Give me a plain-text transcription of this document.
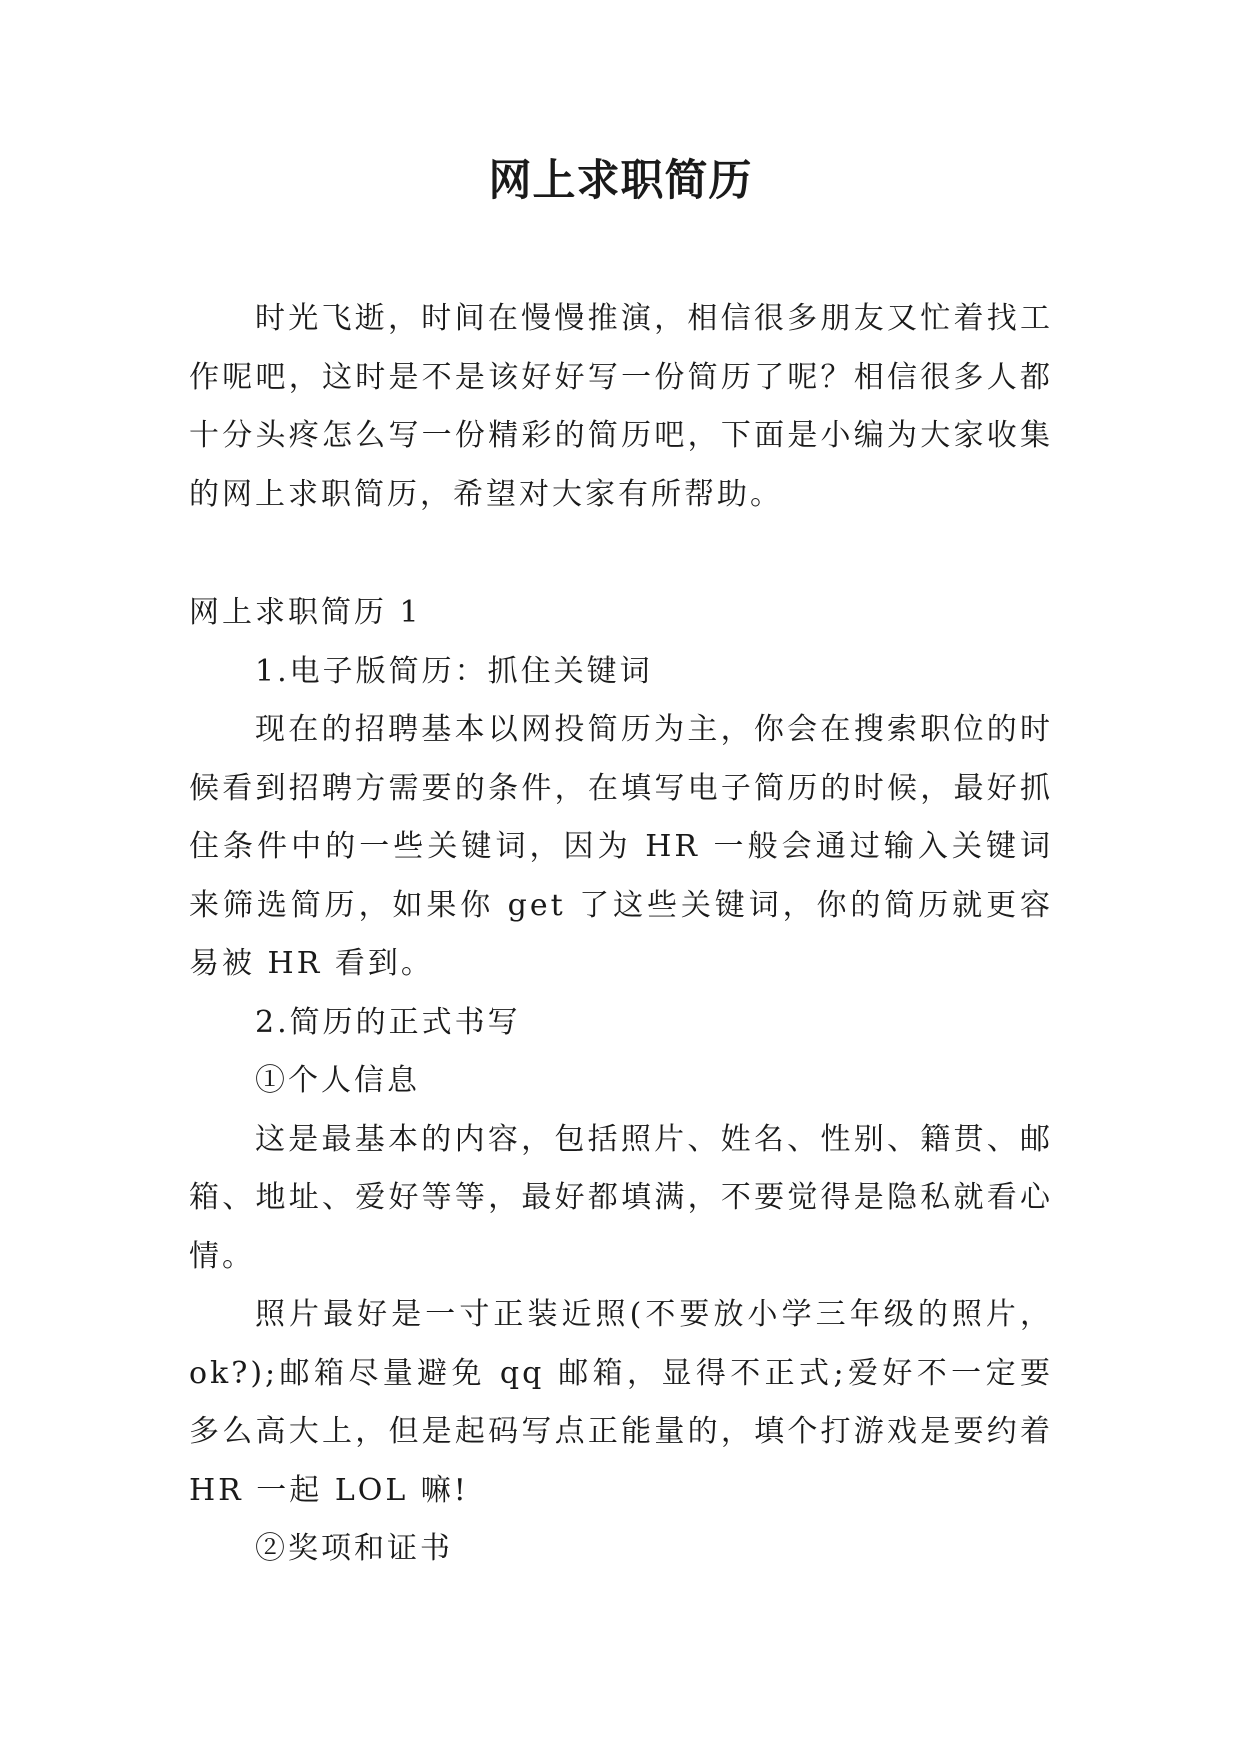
网上求职简历

时光飞逝，时间在慢慢推演，相信很多朋友又忙着找工作呢吧，这时是不是该好好写一份简历了呢？相信很多人都十分头疼怎么写一份精彩的简历吧，下面是小编为大家收集的网上求职简历，希望对大家有所帮助。

网上求职简历 1

1.电子版简历：抓住关键词

现在的招聘基本以网投简历为主，你会在搜索职位的时候看到招聘方需要的条件，在填写电子简历的时候，最好抓住条件中的一些关键词，因为 HR 一般会通过输入关键词来筛选简历，如果你 get 了这些关键词，你的简历就更容易被 HR 看到。

2.简历的正式书写

①个人信息

这是最基本的内容，包括照片、姓名、性别、籍贯、邮箱、地址、爱好等等，最好都填满，不要觉得是隐私就看心情。

照片最好是一寸正装近照(不要放小学三年级的照片，ok?);邮箱尽量避免 qq 邮箱，显得不正式;爱好不一定要多么高大上，但是起码写点正能量的，填个打游戏是要约着 HR 一起 LOL 嘛!

②奖项和证书
